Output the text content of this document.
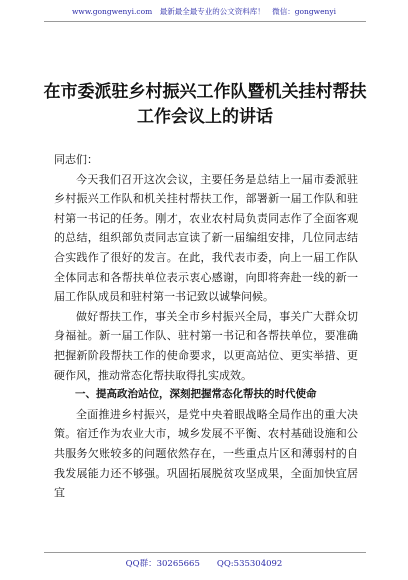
www.gongwenyi.com　最新最全最专业的公文资料库！　微信：gongwenyi
在市委派驻乡村振兴工作队暨机关挂村帮扶工作会议上的讲话

同志们：

今天我们召开这次会议，主要任务是总结上一届市委派驻乡村振兴工作队和机关挂村帮扶工作，部署新一届工作队和驻村第一书记的任务。刚才，农业农村局负责同志作了全面客观的总结，组织部负责同志宣读了新一届编组安排，几位同志结合实践作了很好的发言。在此，我代表市委，向上一届工作队全体同志和各帮扶单位表示衷心感谢，向即将奔赴一线的新一届工作队成员和驻村第一书记致以诚挚问候。

做好帮扶工作，事关全市乡村振兴全局，事关广大群众切身福祉。新一届工作队、驻村第一书记和各帮扶单位，要准确把握新阶段帮扶工作的使命要求，以更高站位、更实举措、更硬作风，推动常态化帮扶取得扎实成效。

一、提高政治站位，深刻把握常态化帮扶的时代使命

全面推进乡村振兴，是党中央着眼战略全局作出的重大决策。宿迁作为农业大市，城乡发展不平衡、农村基础设施和公共服务欠账较多的问题依然存在，一些重点片区和薄弱村的自我发展能力还不够强。巩固拓展脱贫攻坚成果，全面加快宜居宜

QQ群：30265665　　QQ:535304092
